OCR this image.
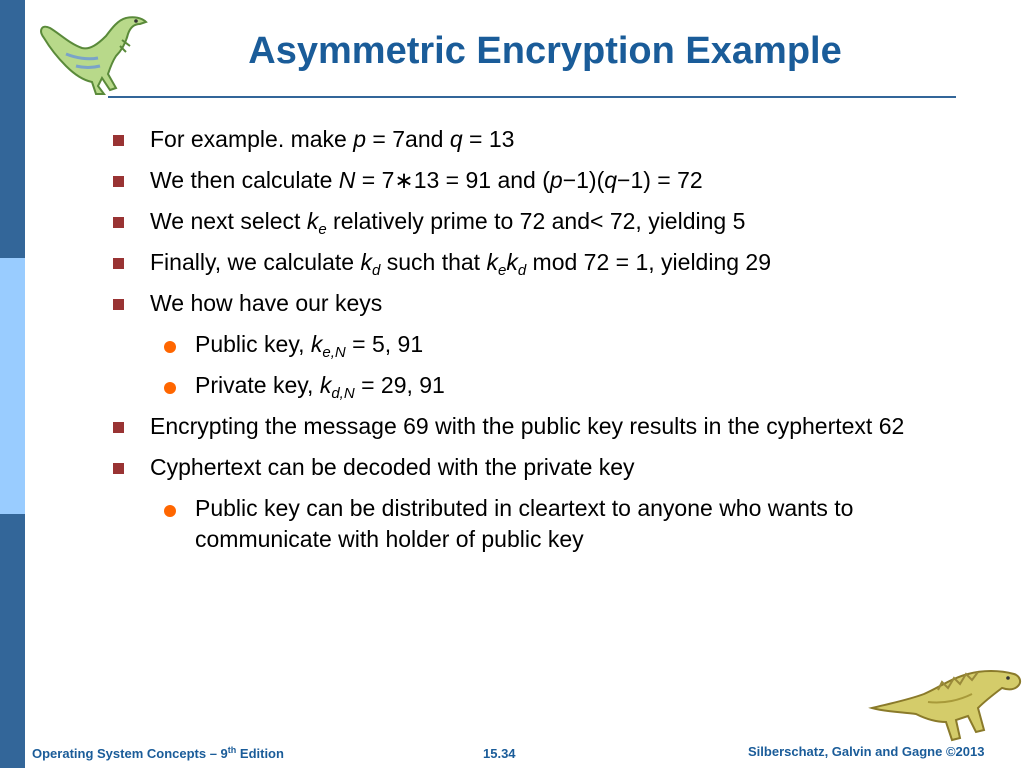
Asymmetric Encryption Example
For example. make p = 7and q = 13
We then calculate N = 7∗13 = 91 and (p−1)(q−1) = 72
We next select $k_e$ relatively prime to 72 and< 72, yielding 5
Finally, we calculate $k_d$ such that $k_ek_d$ mod 72 = 1, yielding 29
We how have our keys
Public key, $k_{e,N} = 5$, 91
Private key, $k_{d,N} = 29$, 91
Encrypting the message 69 with the public key results in the cyphertext 62
Cyphertext can be decoded with the private key
Public key can be distributed in cleartext to anyone who wants to communicate with holder of public key
Operating System Concepts – 9th Edition	15.34	Silberschatz, Galvin and Gagne ©2013
